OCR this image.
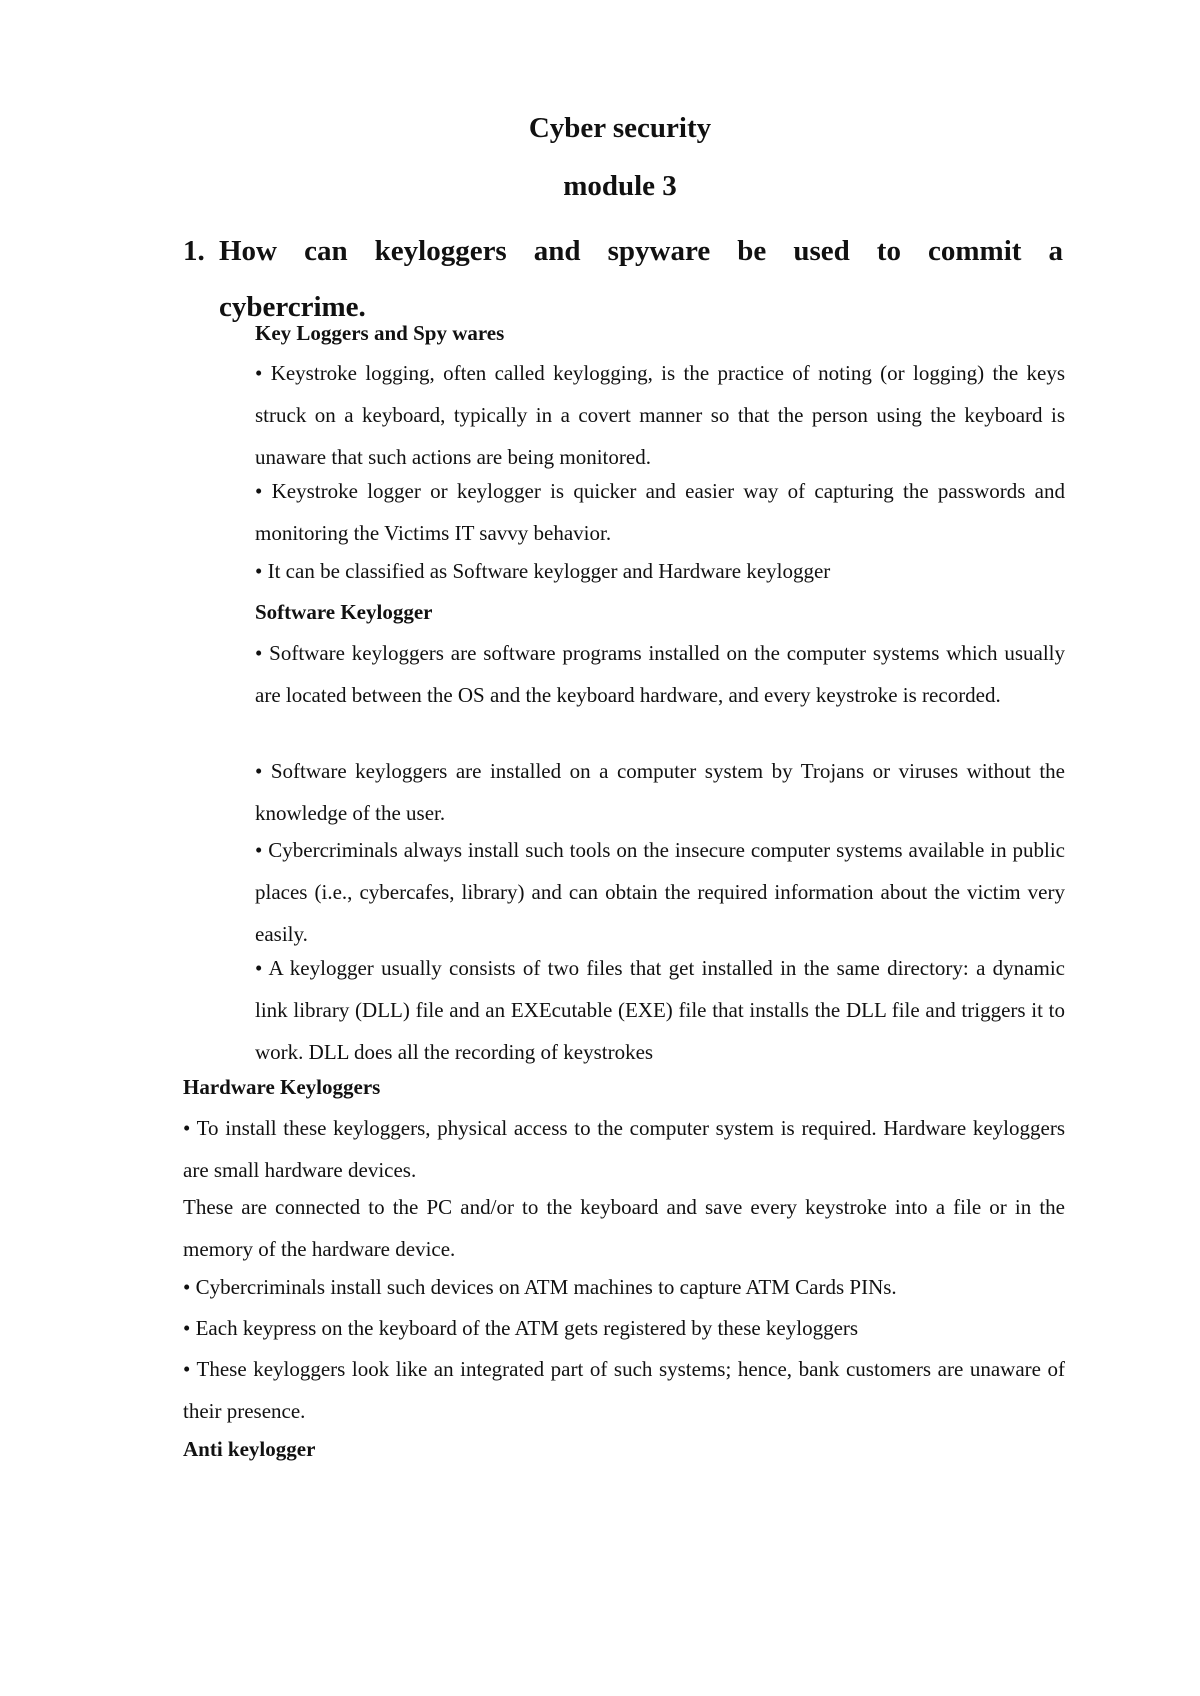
Cyber security
module 3
1. How can keyloggers and spyware be used to commit a
cybercrime.

Key Loggers and Spy wares

• Keystroke logging, often called keylogging, is the practice of noting (or logging) the keys struck on a keyboard, typically in a covert manner so that the person using the keyboard is unaware that such actions are being monitored.

• Keystroke logger or keylogger is quicker and easier way of capturing the passwords and monitoring the Victims IT savvy behavior.

• It can be classified as Software keylogger and Hardware keylogger

Software Keylogger

• Software keyloggers are software programs installed on the computer systems which usually are located between the OS and the keyboard hardware, and every keystroke is recorded.

• Software keyloggers are installed on a computer system by Trojans or viruses without the knowledge of the user.

• Cybercriminals always install such tools on the insecure computer systems available in public places (i.e., cybercafes, library) and can obtain the required information about the victim very easily.

• A keylogger usually consists of two files that get installed in the same directory: a dynamic link library (DLL) file and an EXEcutable (EXE) file that installs the DLL file and triggers it to work. DLL does all the recording of keystrokes

Hardware Keyloggers

• To install these keyloggers, physical access to the computer system is required. Hardware keyloggers are small hardware devices.

These are connected to the PC and/or to the keyboard and save every keystroke into a file or in the memory of the hardware device.

• Cybercriminals install such devices on ATM machines to capture ATM Cards PINs.

• Each keypress on the keyboard of the ATM gets registered by these keyloggers

• These keyloggers look like an integrated part of such systems; hence, bank customers are unaware of their presence.

Anti keylogger
